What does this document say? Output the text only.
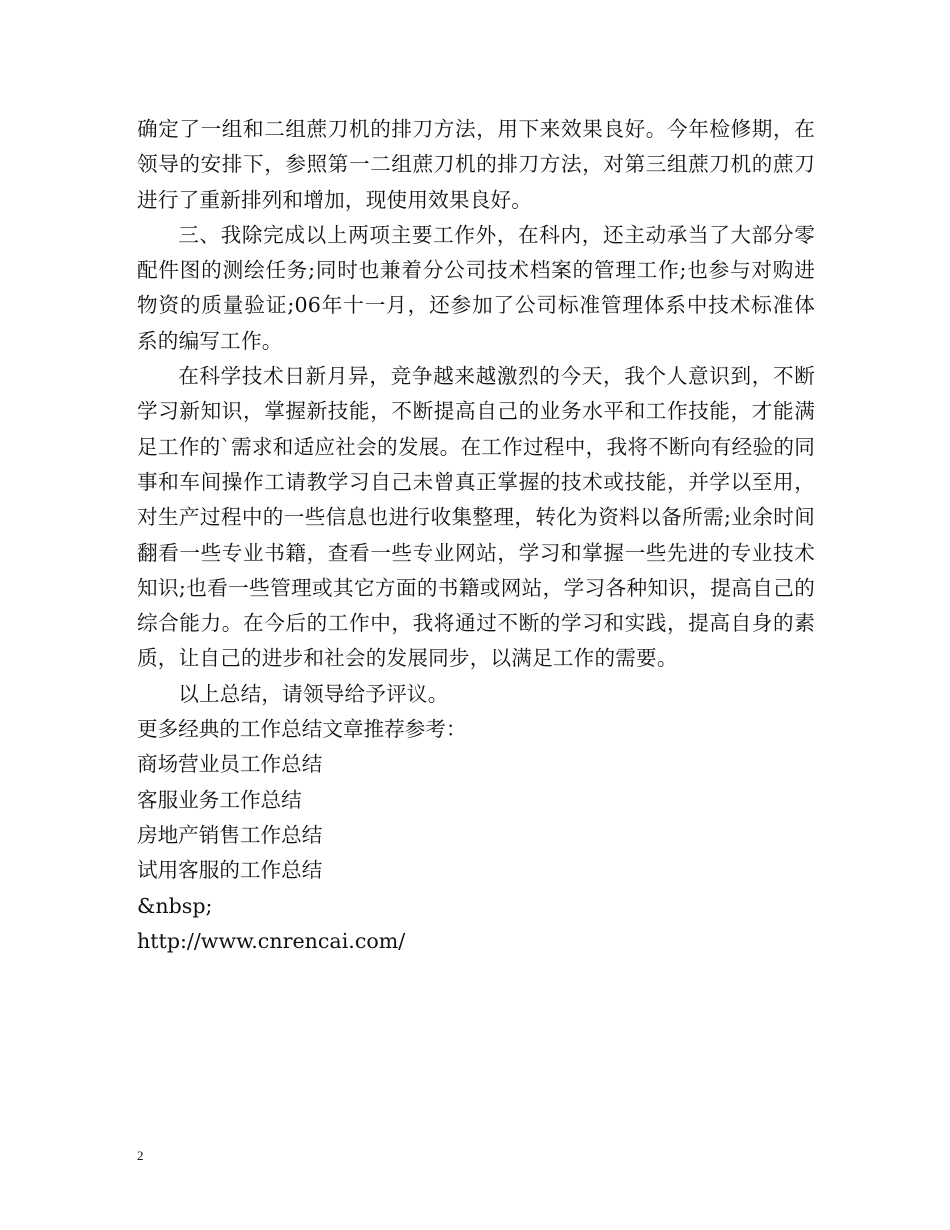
确定了一组和二组蔗刀机的排刀方法，用下来效果良好。今年检修期，在领导的安排下，参照第一二组蔗刀机的排刀方法，对第三组蔗刀机的蔗刀进行了重新排列和增加，现使用效果良好。

三、我除完成以上两项主要工作外，在科内，还主动承当了大部分零配件图的测绘任务;同时也兼着分公司技术档案的管理工作;也参与对购进物资的质量验证;06年十一月，还参加了公司标准管理体系中技术标准体系的编写工作。

在科学技术日新月异，竞争越来越激烈的今天，我个人意识到，不断学习新知识，掌握新技能，不断提高自己的业务水平和工作技能，才能满足工作的`需求和适应社会的发展。在工作过程中，我将不断向有经验的同事和车间操作工请教学习自己未曾真正掌握的技术或技能，并学以至用，对生产过程中的一些信息也进行收集整理，转化为资料以备所需;业余时间翻看一些专业书籍，查看一些专业网站，学习和掌握一些先进的专业技术知识;也看一些管理或其它方面的书籍或网站，学习各种知识，提高自己的综合能力。在今后的工作中，我将通过不断的学习和实践，提高自身的素质，让自己的进步和社会的发展同步，以满足工作的需要。

以上总结，请领导给予评议。

更多经典的工作总结文章推荐参考：

商场营业员工作总结
客服业务工作总结
房地产销售工作总结
试用客服的工作总结

&nbsp;

http://www.cnrencai.com/

2
